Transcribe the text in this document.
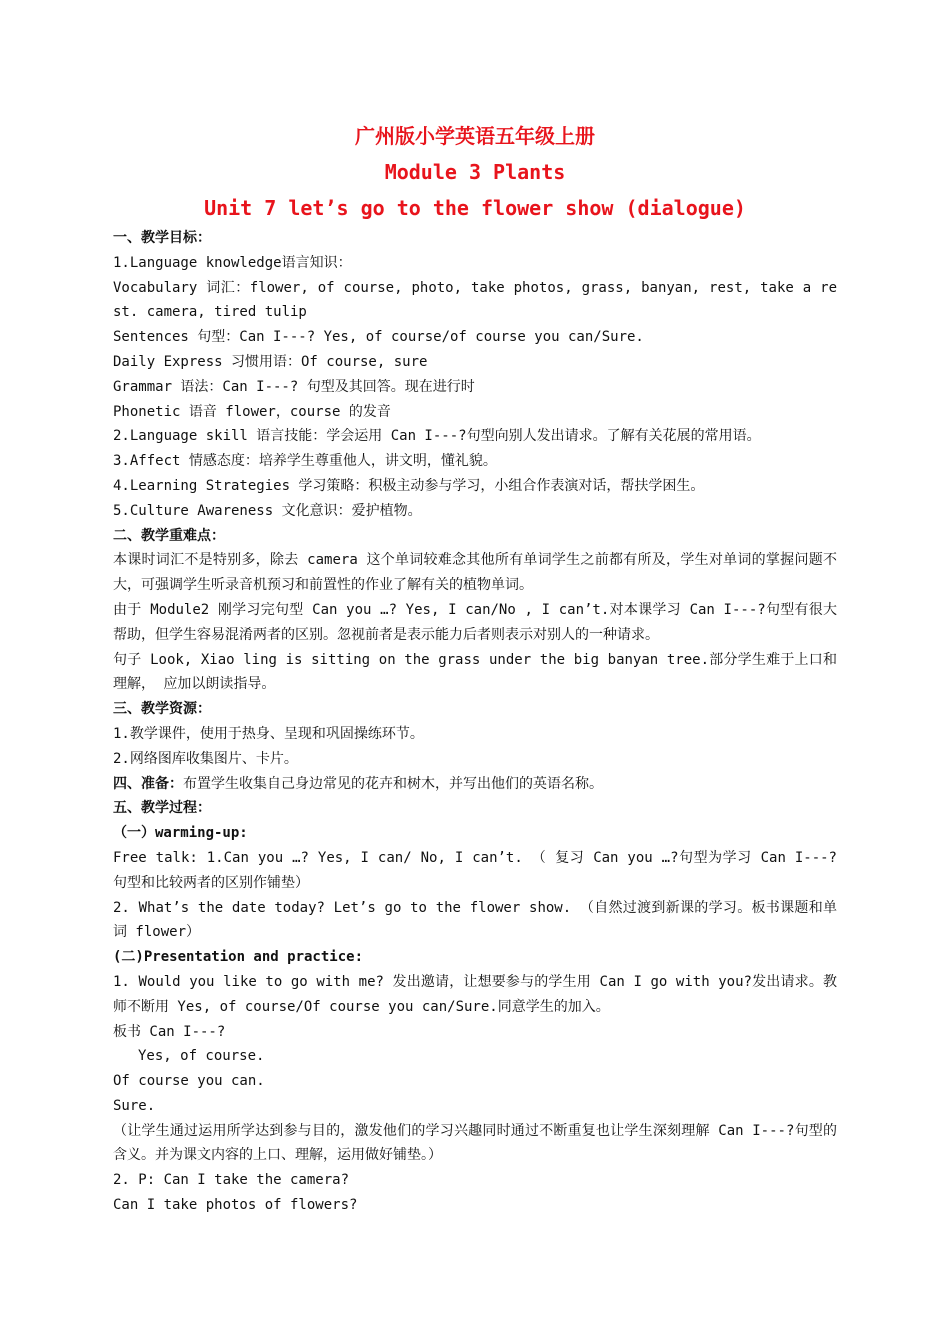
广州版小学英语五年级上册

Module 3 Plants

Unit 7 let’s go to the flower show (dialogue)

一、教学目标：

1.Language knowledge语言知识：

Vocabulary 词汇：flower, of course, photo, take photos, grass, banyan, rest, take a rest. camera, tired tulip

Sentences 句型：Can I---? Yes, of course/of course you can/Sure.

Daily Express 习惯用语：Of course, sure

Grammar 语法：Can I---? 句型及其回答。现在进行时

Phonetic 语音 flower，course 的发音

2.Language skill 语言技能：学会运用 Can I---?句型向别人发出请求。了解有关花展的常用语。

3.Affect 情感态度：培养学生尊重他人，讲文明，懂礼貌。

4.Learning Strategies 学习策略：积极主动参与学习，小组合作表演对话，帮扶学困生。

5.Culture Awareness 文化意识：爱护植物。

二、教学重难点：

本课时词汇不是特别多，除去 camera 这个单词较难念其他所有单词学生之前都有所及，学生对单词的掌握问题不大，可强调学生听录音机预习和前置性的作业了解有关的植物单词。

由于 Module2 刚学习完句型 Can you …? Yes, I can/No , I can’t.对本课学习 Can I---?句型有很大帮助，但学生容易混淆两者的区别。忽视前者是表示能力后者则表示对别人的一种请求。

句子 Look, Xiao ling is sitting on the grass under the big banyan tree.部分学生难于上口和理解， 应加以朗读指导。

三、教学资源：

1.教学课件，使用于热身、呈现和巩固操练环节。

2.网络图库收集图片、卡片。

四、准备：布置学生收集自己身边常见的花卉和树木，并写出他们的英语名称。

五、教学过程：

（一）warming-up:

Free talk: 1.Can you …? Yes, I can/ No, I can’t. （ 复习 Can you …?句型为学习 Can I---?句型和比较两者的区别作铺垫）

2. What’s the date today? Let’s go to the flower show. （自然过渡到新课的学习。板书课题和单词 flower）

(二)Presentation and practice:

1. Would you like to go with me? 发出邀请，让想要参与的学生用 Can I go with you?发出请求。教师不断用 Yes, of course/Of course you can/Sure.同意学生的加入。

板书 Can I---?

Yes, of course.

Of course you can.

Sure.

（让学生通过运用所学达到参与目的，激发他们的学习兴趣同时通过不断重复也让学生深刻理解 Can I---?句型的含义。并为课文内容的上口、理解，运用做好铺垫。）

2. P: Can I take the camera?

Can I take photos of flowers?
